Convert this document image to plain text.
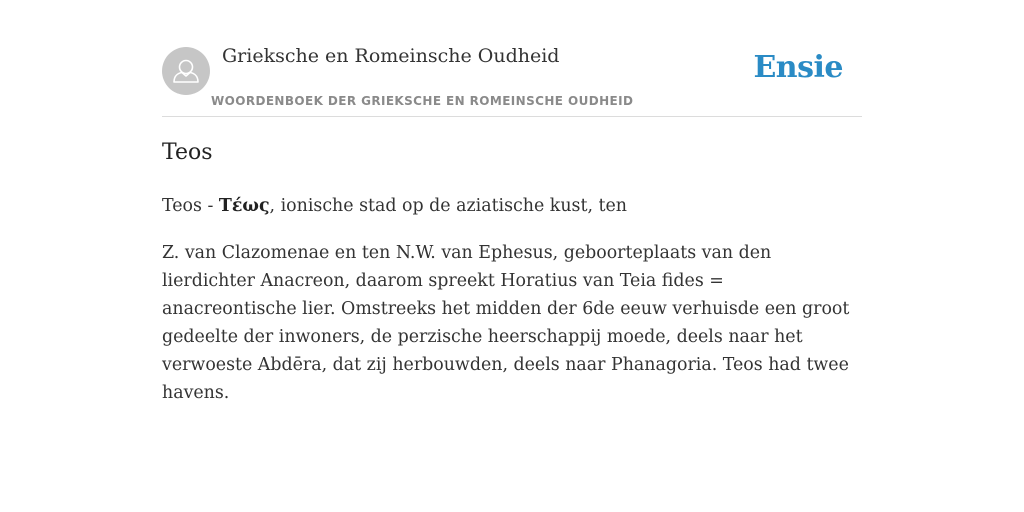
Grieksche en Romeinsche Oudheid
WOORDENBOEK DER GRIEKSCHE EN ROMEINSCHE OUDHEID
Ensie
Teos

Teos - Τέως, ionische stad op de aziatische kust, ten

Z. van Clazomenae en ten N.W. van Ephesus, geboorteplaats van den lierdichter Anacreon, daarom spreekt Horatius van Teia fides = anacreontische lier. Omstreeks het midden der 6de eeuw verhuisde een groot gedeelte der inwoners, de perzische heerschappij moede, deels naar het verwoeste Abdēra, dat zij herbouwden, deels naar Phanagoria. Teos had twee havens.
